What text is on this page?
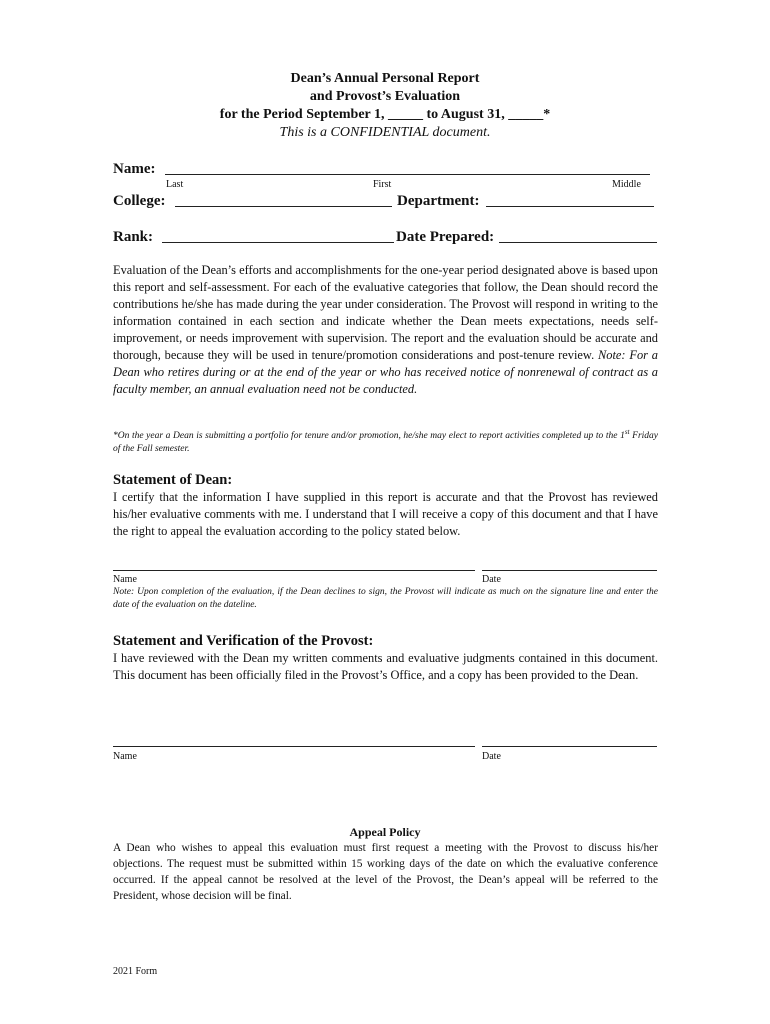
Dean’s Annual Personal Report
and Provost’s Evaluation
for the Period September 1, _____ to August 31, _____*
This is a CONFIDENTIAL document.
Name:
Last	First	Middle
College:	Department:
Rank:	Date Prepared:
Evaluation of the Dean’s efforts and accomplishments for the one-year period designated above is based upon this report and self-assessment. For each of the evaluative categories that follow, the Dean should record the contributions he/she has made during the year under consideration. The Provost will respond in writing to the information contained in each section and indicate whether the Dean meets expectations, needs self-improvement, or needs improvement with supervision. The report and the evaluation should be accurate and thorough, because they will be used in tenure/promotion considerations and post-tenure review. Note: For a Dean who retires during or at the end of the year or who has received notice of nonrenewal of contract as a faculty member, an annual evaluation need not be conducted.
*On the year a Dean is submitting a portfolio for tenure and/or promotion, he/she may elect to report activities completed up to the 1st Friday of the Fall semester.
Statement of Dean:
I certify that the information I have supplied in this report is accurate and that the Provost has reviewed his/her evaluative comments with me. I understand that I will receive a copy of this document and that I have the right to appeal the evaluation according to the policy stated below.
Name	Date
Note: Upon completion of the evaluation, if the Dean declines to sign, the Provost will indicate as much on the signature line and enter the date of the evaluation on the dateline.
Statement and Verification of the Provost:
I have reviewed with the Dean my written comments and evaluative judgments contained in this document. This document has been officially filed in the Provost’s Office, and a copy has been provided to the Dean.
Name	Date
Appeal Policy
A Dean who wishes to appeal this evaluation must first request a meeting with the Provost to discuss his/her objections. The request must be submitted within 15 working days of the date on which the evaluative conference occurred. If the appeal cannot be resolved at the level of the Provost, the Dean’s appeal will be referred to the President, whose decision will be final.
2021 Form
